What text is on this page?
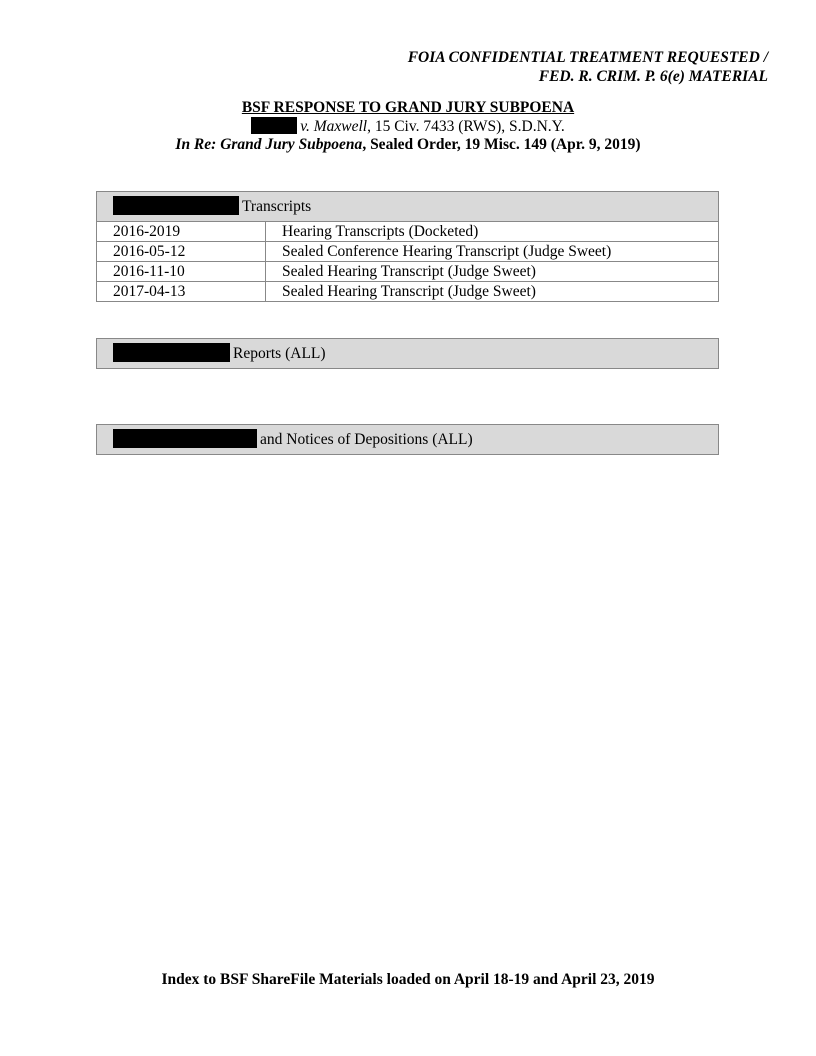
FOIA CONFIDENTIAL TREATMENT REQUESTED /
FED. R. CRIM. P. 6(e) MATERIAL
BSF RESPONSE TO GRAND JURY SUBPOENA
v. Maxwell, 15 Civ. 7433 (RWS), S.D.N.Y.
In Re: Grand Jury Subpoena, Sealed Order, 19 Misc. 149 (Apr. 9, 2019)
Transcripts
2016-2019	Hearing Transcripts (Docketed)
2016-05-12	Sealed Conference Hearing Transcript (Judge Sweet)
2016-11-10	Sealed Hearing Transcript (Judge Sweet)
2017-04-13	Sealed Hearing Transcript (Judge Sweet)
Reports (ALL)
and Notices of Depositions (ALL)
Index to BSF ShareFile Materials loaded on April 18-19 and April 23, 2019
